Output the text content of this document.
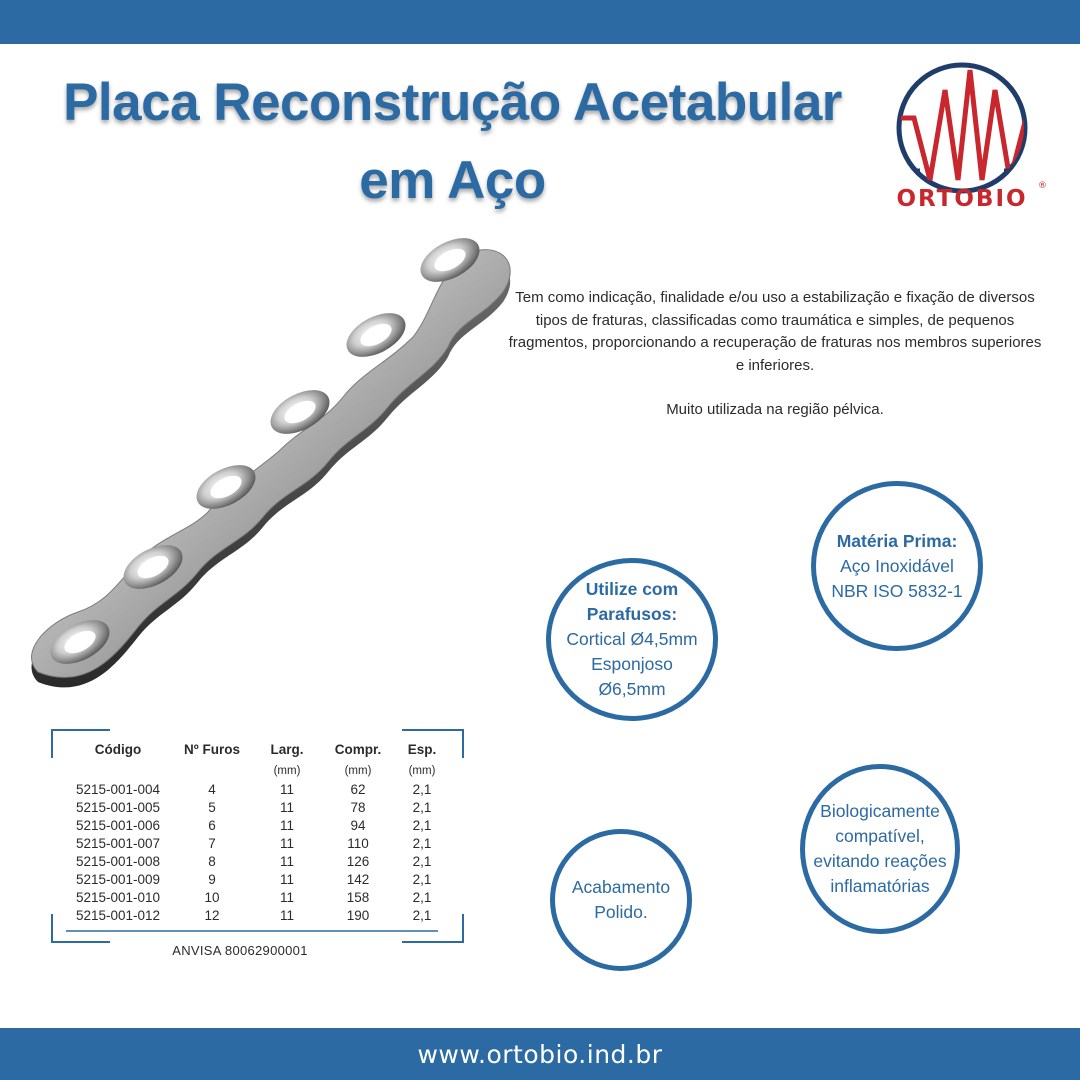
Placa Reconstrução Acetabular
em Aço	ORTOBIO ®

Tem como indicação, finalidade e/ou uso a estabilização e fixação de diversos tipos de fraturas, classificadas como traumática e simples, de pequenos fragmentos, proporcionando a recuperação de fraturas nos membros superiores e inferiores.

Muito utilizada na região pélvica.

Utilize com
Parafusos:
Cortical Ø4,5mm
Esponjoso
Ø6,5mm
Matéria Prima:
Aço Inoxidável
NBR ISO 5832-1
Acabamento
Polido.
Biologicamente
compatível,
evitando reações
inflamatórias
Código	Nº Furos	Larg.	Compr.	Esp.
		(mm)	(mm)	(mm)
5215-001-004	4	11	62	2,1
5215-001-005	5	11	78	2,1
5215-001-006	6	11	94	2,1
5215-001-007	7	11	110	2,1
5215-001-008	8	11	126	2,1
5215-001-009	9	11	142	2,1
5215-001-010	10	11	158	2,1
5215-001-012	12	11	190	2,1
ANVISA 80062900001
www.ortobio.ind.br
